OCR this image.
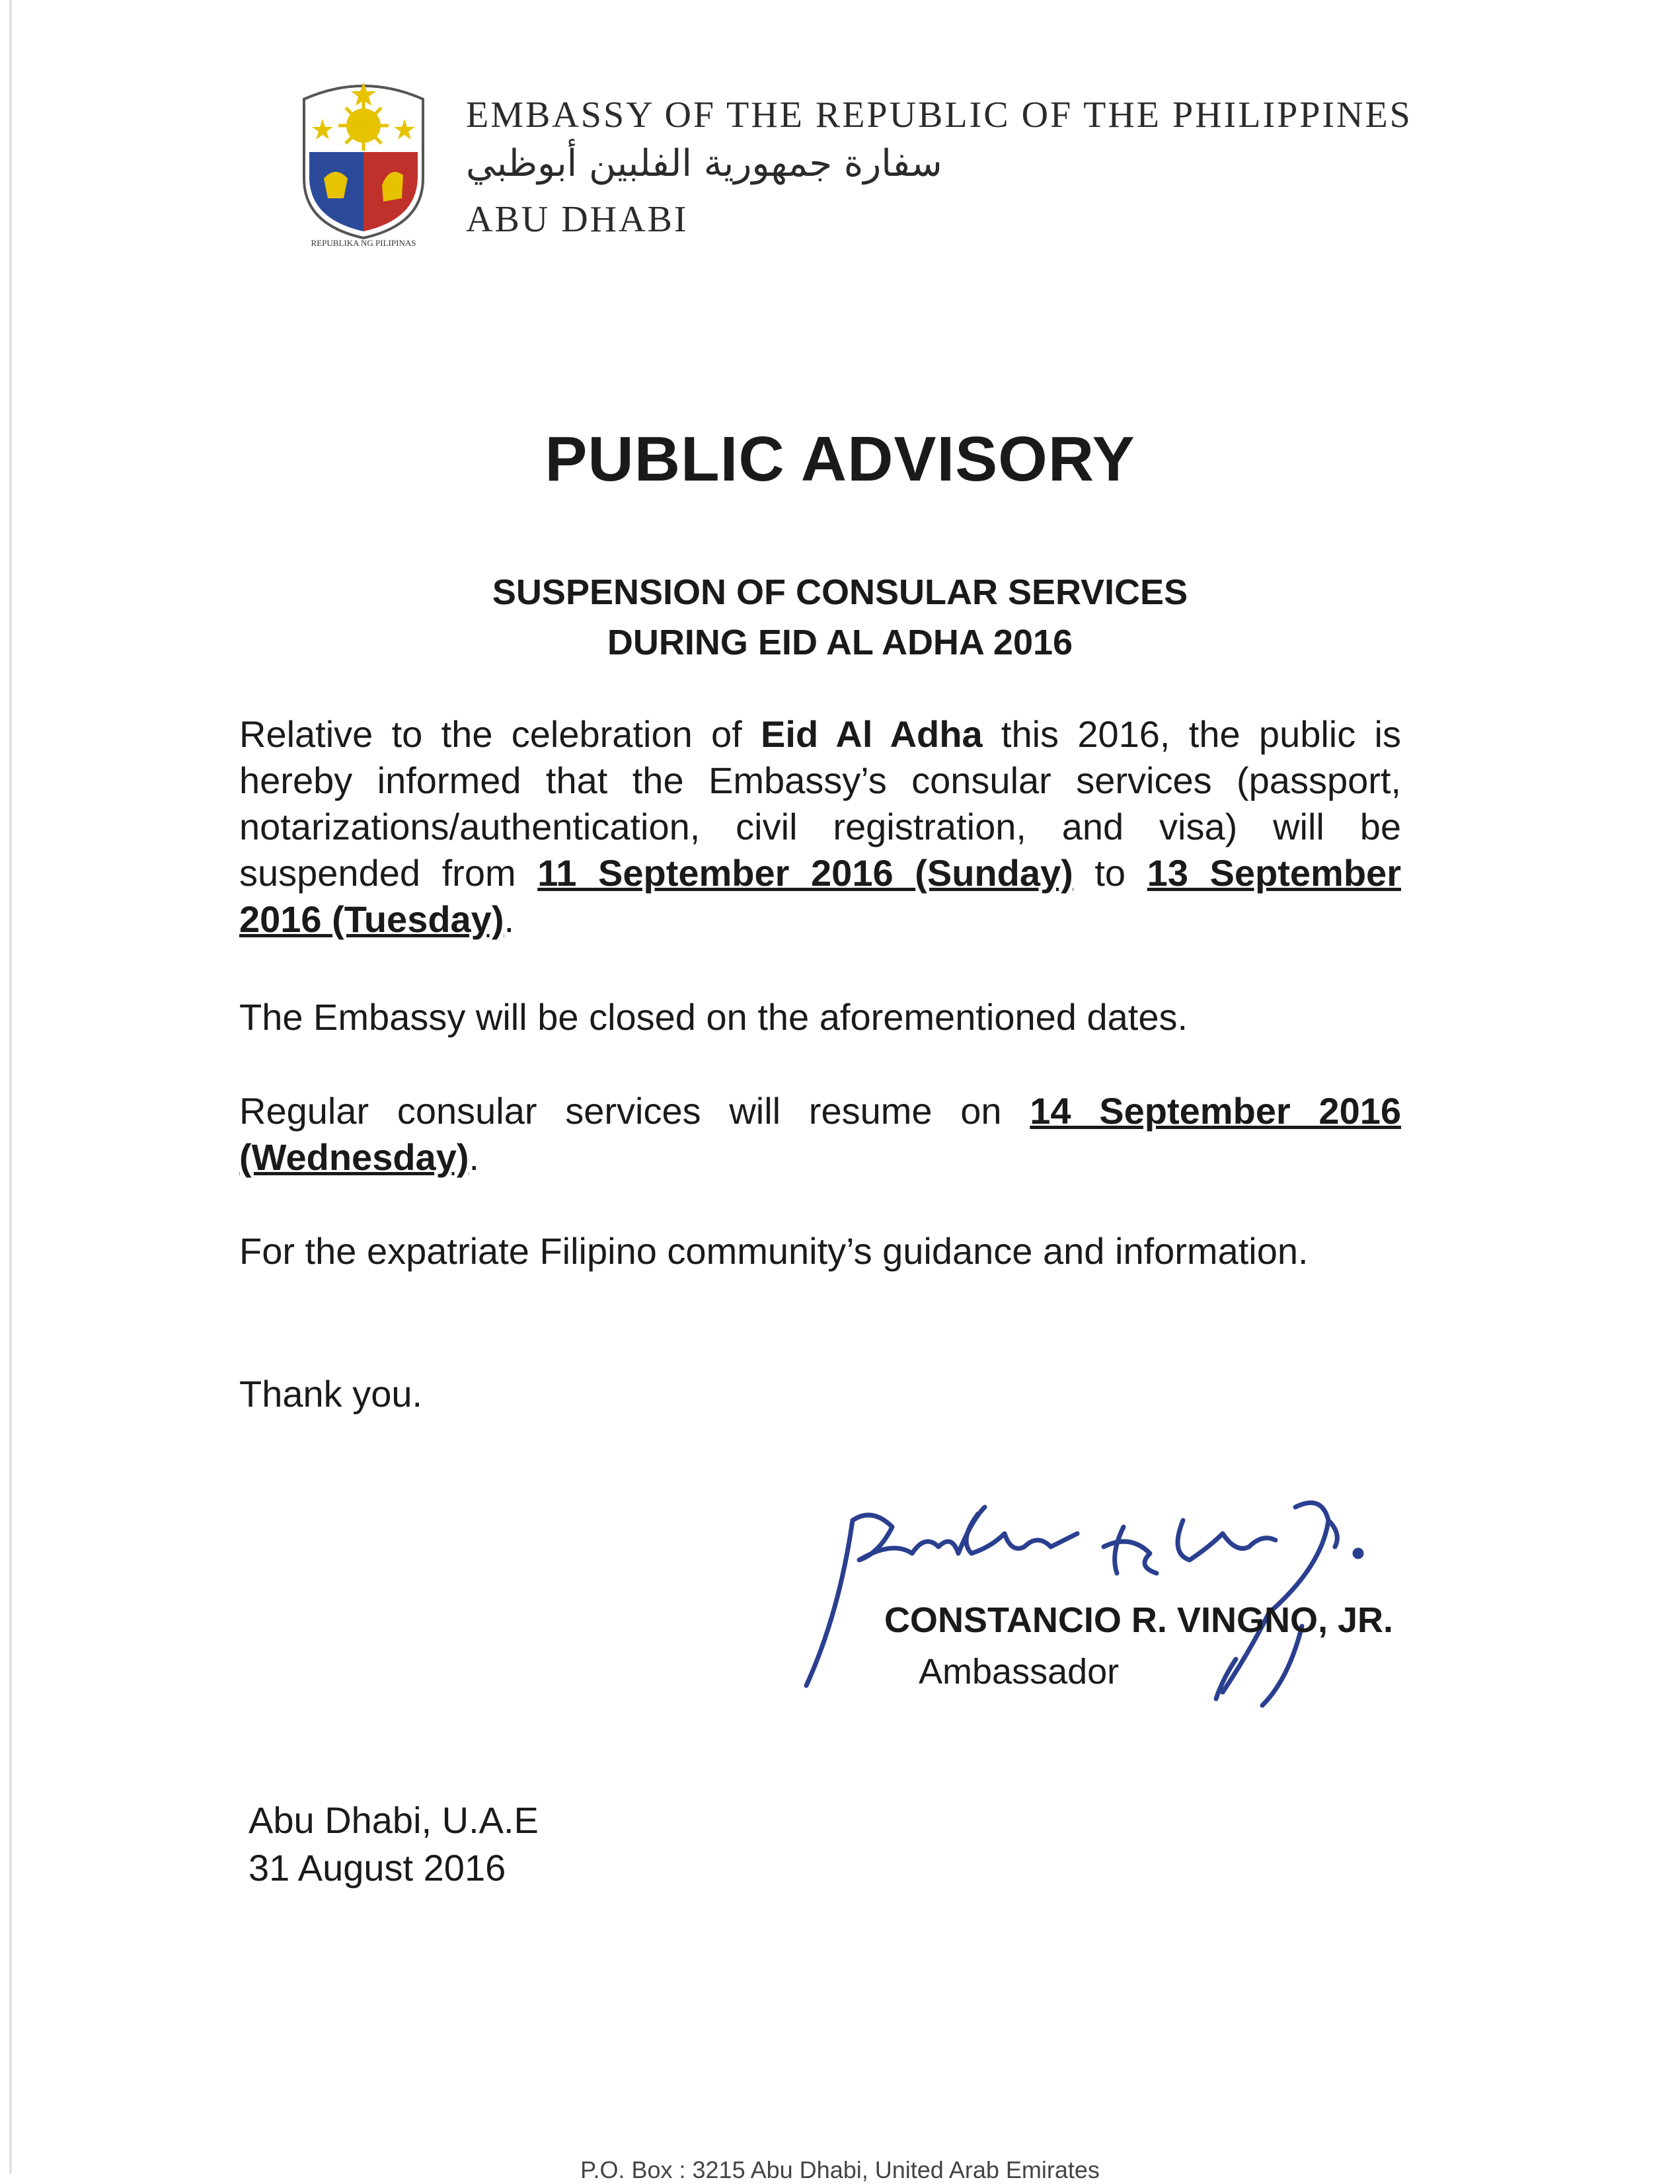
REPUBLIKA NG PILIPINAS
EMBASSY OF THE REPUBLIC OF THE PHILIPPINES
سفارة جمهورية الفلبين أبوظبي
ABU DHABI
PUBLIC ADVISORY
SUSPENSION OF CONSULAR SERVICES
DURING EID AL ADHA 2016
Relative to the celebration of Eid Al Adha this 2016, the public is hereby informed that the Embassy’s consular services (passport, notarizations/authentication, civil registration, and visa) will be suspended from 11 September 2016 (Sunday) to 13 September 2016 (Tuesday).
The Embassy will be closed on the aforementioned dates.
Regular consular services will resume on 14 September 2016 (Wednesday).
For the expatriate Filipino community’s guidance and information.
Thank you.
CONSTANCIO R. VINGNO, JR.
Ambassador
Abu Dhabi, U.A.E
31 August 2016
P.O. Box : 3215 Abu Dhabi, United Arab Emirates
